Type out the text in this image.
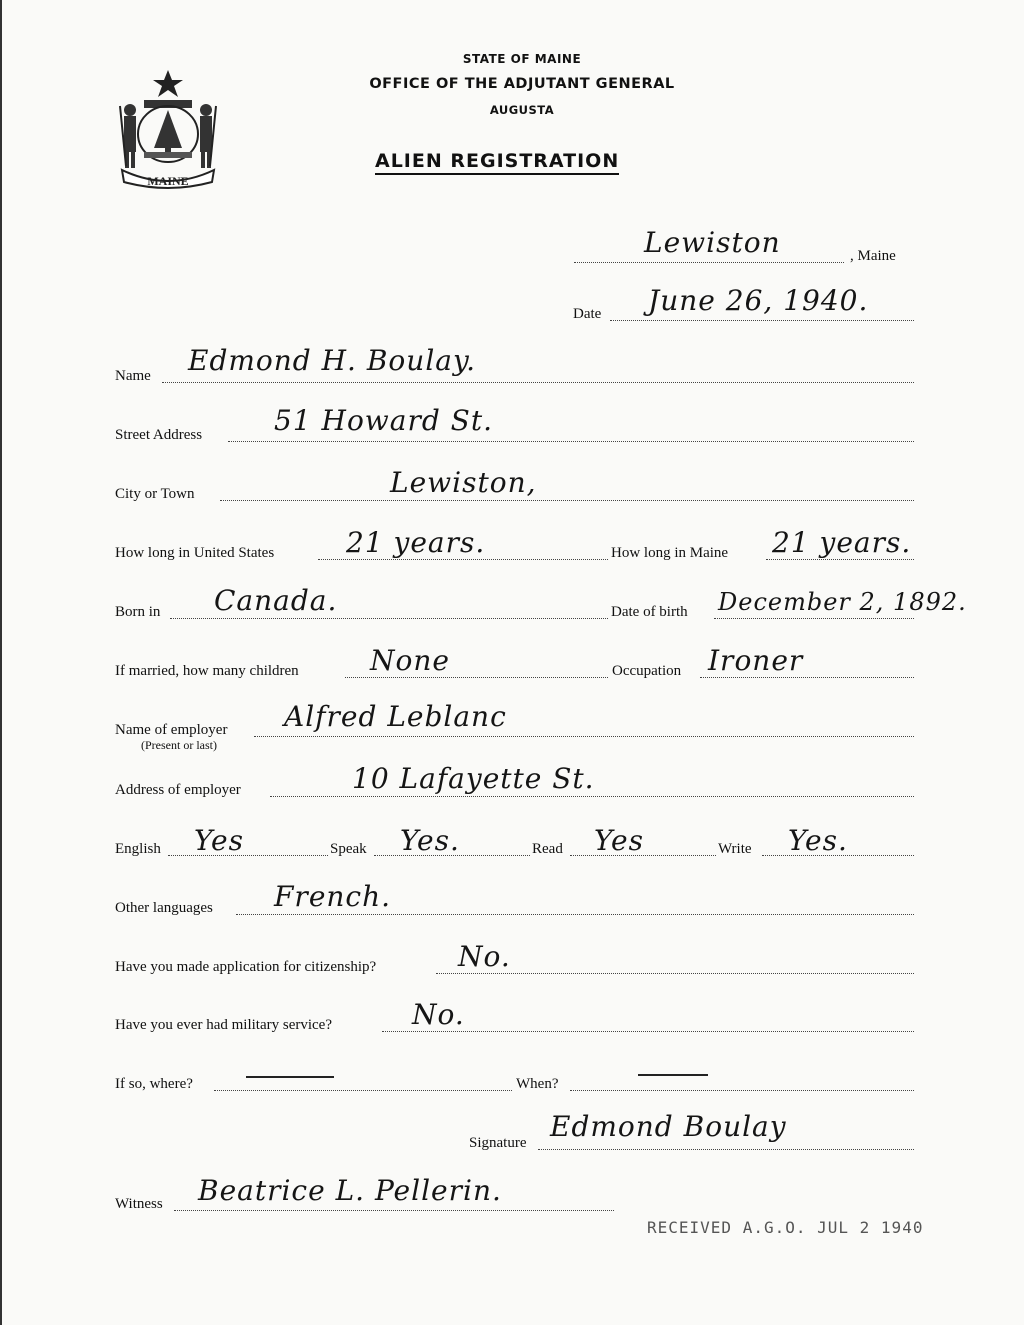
MAINE
STATE OF MAINE
OFFICE OF THE ADJUTANT GENERAL
AUGUSTA
ALIEN REGISTRATION
Lewiston	, Maine
Date June 26, 1940.
Name Edmond H. Boulay.
Street Address	51 Howard St.
City or Town	Lewiston,
How long in United States	21 years.	How long in Maine 21 years.
Born in Canada.	Date of birth December 2, 1892.
If married, how many children	None	Occupation Ironer
Name of employer
(Present or last)
Alfred Leblanc
Address of employer	10 Lafayette St.
English Yes	Speak Yes.	Read Yes	Write Yes.
Other languages French.
Have you made application for citizenship?	No.
Have you ever had military service?	No.
If so, where?	When?
Signature Edmond Boulay
Witness Beatrice L. Pellerin.
RECEIVED A.G.O. JUL 2 1940
